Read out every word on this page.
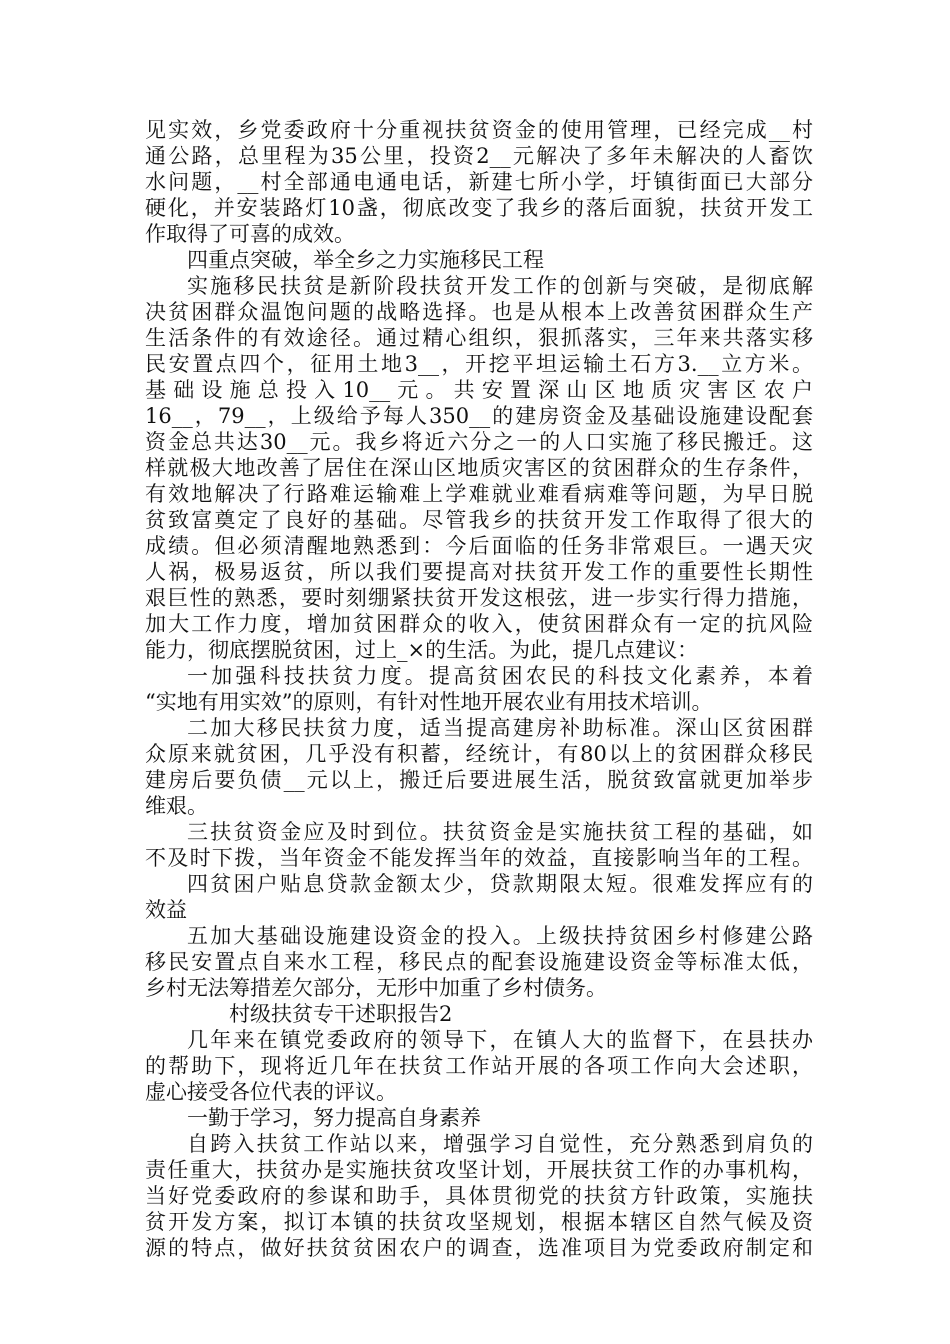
见实效，乡党委政府十分重视扶贫资金的使用管理，已经完成__村
通公路，总里程为35公里，投资2__元解决了多年未解决的人畜饮
水问题，__村全部通电通电话，新建七所小学，圩镇街面已大部分
硬化，并安装路灯10盏，彻底改变了我乡的落后面貌，扶贫开发工
作取得了可喜的成效。
四重点突破，举全乡之力实施移民工程
实施移民扶贫是新阶段扶贫开发工作的创新与突破，是彻底解
决贫困群众温饱问题的战略选择。也是从根本上改善贫困群众生产
生活条件的有效途径。通过精心组织，狠抓落实，三年来共落实移
民安置点四个，征用土地3__，开挖平坦运输土石方3.__立方米。
基础设施总投入10__元。共安置深山区地质灾害区农户
16__，79__，上级给予每人350__的建房资金及基础设施建设配套
资金总共达30__元。我乡将近六分之一的人口实施了移民搬迁。这
样就极大地改善了居住在深山区地质灾害区的贫困群众的生存条件，
有效地解决了行路难运输难上学难就业难看病难等问题，为早日脱
贫致富奠定了良好的基础。尽管我乡的扶贫开发工作取得了很大的
成绩。但必须清醒地熟悉到：今后面临的任务非常艰巨。一遇天灾
人祸，极易返贫，所以我们要提高对扶贫开发工作的重要性长期性
艰巨性的熟悉，要时刻绷紧扶贫开发这根弦，进一步实行得力措施，
加大工作力度，增加贫困群众的收入，使贫困群众有一定的抗风险
能力，彻底摆脱贫困，过上_×的生活。为此，提几点建议：
一加强科技扶贫力度。提高贫困农民的科技文化素养，本着
“实地有用实效”的原则，有针对性地开展农业有用技术培训。
二加大移民扶贫力度，适当提高建房补助标准。深山区贫困群
众原来就贫困，几乎没有积蓄，经统计，有80以上的贫困群众移民
建房后要负债__元以上，搬迁后要进展生活，脱贫致富就更加举步
维艰。
三扶贫资金应及时到位。扶贫资金是实施扶贫工程的基础，如
不及时下拨，当年资金不能发挥当年的效益，直接影响当年的工程。
四贫困户贴息贷款金额太少，贷款期限太短。很难发挥应有的
效益
五加大基础设施建设资金的投入。上级扶持贫困乡村修建公路
移民安置点自来水工程，移民点的配套设施建设资金等标准太低，
乡村无法筹措差欠部分，无形中加重了乡村债务。
村级扶贫专干述职报告2
几年来在镇党委政府的领导下，在镇人大的监督下，在县扶办
的帮助下，现将近几年在扶贫工作站开展的各项工作向大会述职，
虚心接受各位代表的评议。
一勤于学习，努力提高自身素养
自跨入扶贫工作站以来，增强学习自觉性，充分熟悉到肩负的
责任重大，扶贫办是实施扶贫攻坚计划，开展扶贫工作的办事机构，
当好党委政府的参谋和助手，具体贯彻党的扶贫方针政策，实施扶
贫开发方案，拟订本镇的扶贫攻坚规划，根据本辖区自然气候及资
源的特点，做好扶贫贫困农户的调查，选准项目为党委政府制定和
